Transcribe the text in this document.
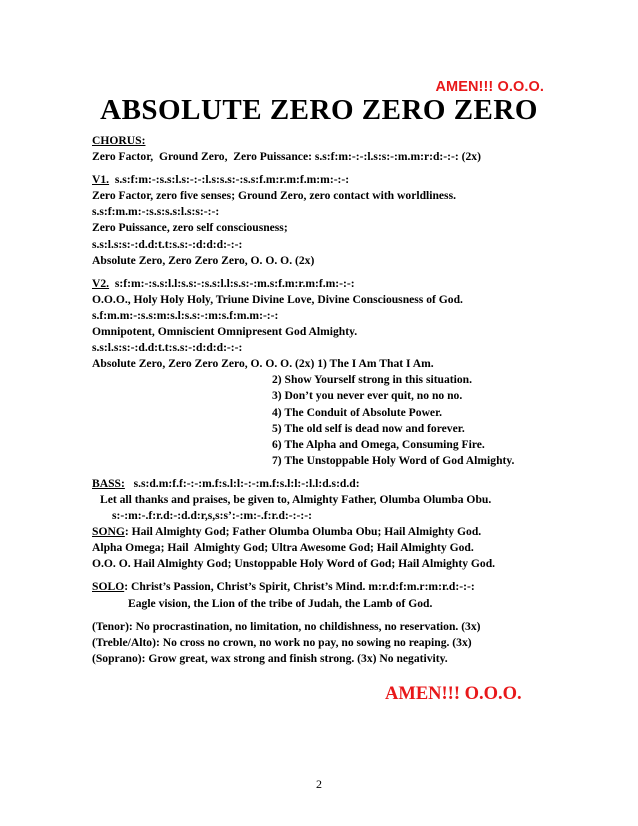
AMEN!!! O.O.O.
ABSOLUTE ZERO ZERO ZERO
CHORUS:
Zero Factor,  Ground Zero,  Zero Puissance: s.s:f:m:-:-:l.s:s:-:m.m:r:d:-:-: (2x)
V1.  s.s:f:m:-:s.s:l.s:-:-:l.s:s.s:-:s.s:f.m:r.m:f.m:m:-:-:
Zero Factor, zero five senses; Ground Zero, zero contact with worldliness.
s.s:f:m.m:-:s.s:s.s:l.s:s:-:-:
Zero Puissance, zero self consciousness;
s.s:l.s:s:-:d.d:t.t:s.s:-:d:d:d:-:-:
Absolute Zero, Zero Zero Zero, O. O. O. (2x)
V2.  s:f:m:-:s.s:l.l:s.s:-:s.s:l.l:s.s:-:m.s:f.m:r.m:f.m:-:-:
O.O.O., Holy Holy Holy, Triune Divine Love, Divine Consciousness of God.
s.f:m.m:-:s.s:m:s.l:s.s:-:m:s.f:m.m:-:-:
Omnipotent, Omniscient Omnipresent God Almighty.
s.s:l.s:s:-:d.d:t.t:s.s:-:d:d:d:-:-:
Absolute Zero, Zero Zero Zero, O. O. O. (2x) 1) The I Am That I Am.
2) Show Yourself strong in this situation.
3) Don’t you never ever quit, no no no.
4) The Conduit of Absolute Power.
5) The old self is dead now and forever.
6) The Alpha and Omega, Consuming Fire.
7) The Unstoppable Holy Word of God Almighty.
BASS:   s.s:d.m:f.f:-:-:m.f:s.l:l:-:-:m.f:s.l:l:-:l.l:d.s:d.d:
Let all thanks and praises, be given to, Almighty Father, Olumba Olumba Obu.
s:-:m:-.f:r.d:-:d.d:r,s,s:s’:-:m:-.f:r.d:-:-:-:
SONG: Hail Almighty God; Father Olumba Olumba Obu; Hail Almighty God.
Alpha Omega; Hail  Almighty God; Ultra Awesome God; Hail Almighty God.
O.O. O. Hail Almighty God; Unstoppable Holy Word of God; Hail Almighty God.
SOLO: Christ’s Passion, Christ’s Spirit, Christ’s Mind. m:r.d:f:m.r:m:r.d:-:-:
Eagle vision, the Lion of the tribe of Judah, the Lamb of God.
(Tenor): No procrastination, no limitation, no childishness, no reservation. (3x)
(Treble/Alto): No cross no crown, no work no pay, no sowing no reaping. (3x)
(Soprano): Grow great, wax strong and finish strong. (3x) No negativity.
AMEN!!! O.O.O.
2
